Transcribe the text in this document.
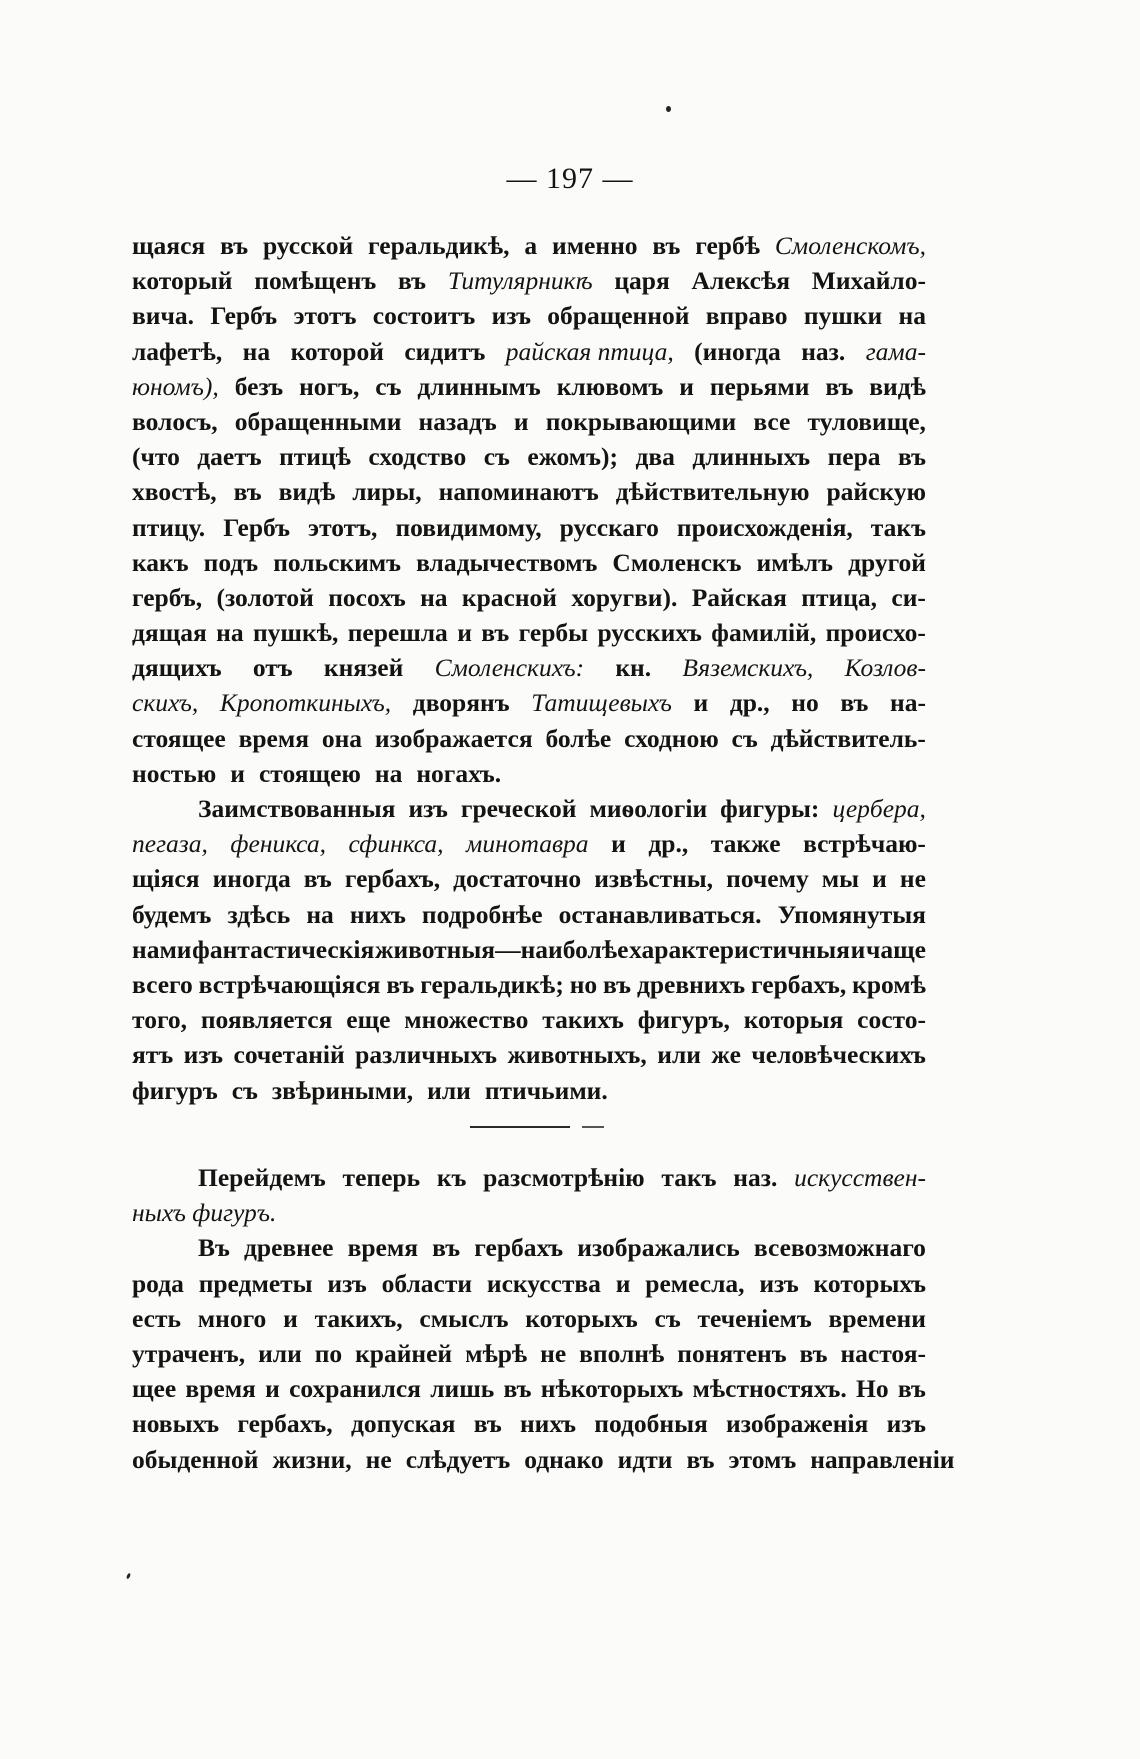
— 197 —
щаяся въ русской геральдикѣ, а именно въ гербѣ Смоленскомъ,
который помѣщенъ въ Титулярникѣ царя Алексѣя Михайло-
вича. Гербъ этотъ состоитъ изъ обращенной вправо пушки на
лафетѣ, на которой сидитъ райская птица, (иногда наз. гама-
юномъ), безъ ногъ, съ длиннымъ клювомъ и перьями въ видѣ
волосъ, обращенными назадъ и покрывающими все туловище,
(что даетъ птицѣ сходство съ ежомъ); два длинныхъ пера въ
хвостѣ, въ видѣ лиры, напоминаютъ дѣйствительную райскую
птицу. Гербъ этотъ, повидимому, русскаго происхожденія, такъ
какъ подъ польскимъ владычествомъ Смоленскъ имѣлъ другой
гербъ, (золотой посохъ на красной хоругви). Райская птица, си-
дящая на пушкѣ, перешла и въ гербы русскихъ фамилій, происхо-
дящихъ отъ князей Смоленскихъ: кн. Вяземскихъ, Козлов-
скихъ, Кропоткиныхъ, дворянъ Татищевыхъ и др., но въ на-
стоящее время она изображается болѣе сходною съ дѣйствитель-
ностью и стоящею на ногахъ.
Заимствованныя изъ греческой миѳологіи фигуры: цербера,
пегаза, феникса, сфинкса, минотавра и др., также встрѣчаю-
щіяся иногда въ гербахъ, достаточно извѣстны, почему мы и не
будемъ здѣсь на нихъ подробнѣе останавливаться. Упомянутыя
нами фантастическія животныя—наиболѣе характеристичныя и чаще
всего встрѣчающіяся въ геральдикѣ; но въ древнихъ гербахъ, кромѣ
того, появляется еще множество такихъ фигуръ, которыя состо-
ятъ изъ сочетаній различныхъ животныхъ, или же человѣческихъ
фигуръ съ звѣриными, или птичьими.
Перейдемъ теперь къ разсмотрѣнію такъ наз. искусствен-
ныхъ фигуръ.
Въ древнее время въ гербахъ изображались всевозможнаго
рода предметы изъ области искусства и ремесла, изъ которыхъ
есть много и такихъ, смыслъ которыхъ съ теченіемъ времени
утраченъ, или по крайней мѣрѣ не вполнѣ понятенъ въ настоя-
щее время и сохранился лишь въ нѣкоторыхъ мѣстностяхъ. Но въ
новыхъ гербахъ, допуская въ нихъ подобныя изображенія изъ
обыденной жизни, не слѣдуетъ однако идти въ этомъ направленіи
